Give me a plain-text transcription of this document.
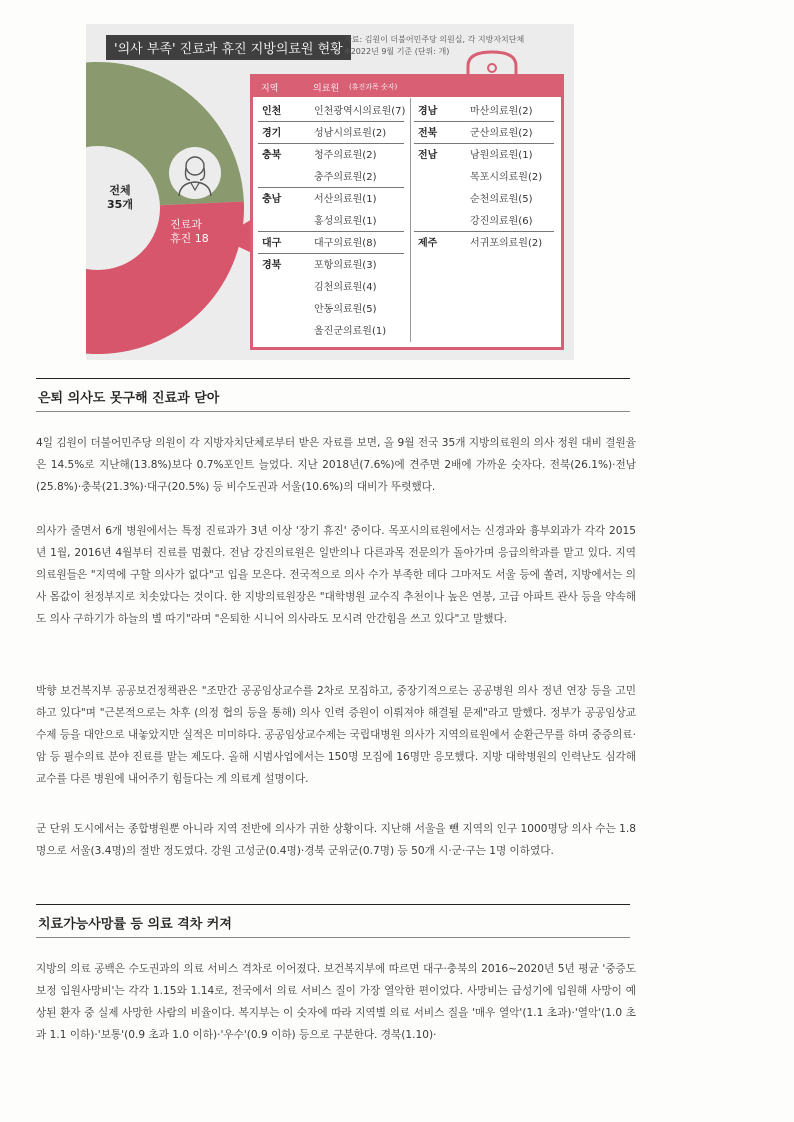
'의사 부족' 진료과 휴진 지방의료원 현황
자료: 김원이 더불어민주당 의원실, 각 지방자치단체
※2022년 9월 기준 (단위: 개)
전체
35개
진료과
휴진 18
지역	의료원 (휴진과목 숫자)
인천	인천광역시의료원(7)
경기	성남시의료원(2)
충북	청주의료원(2)
충주의료원(2)
충남	서산의료원(1)
홍성의료원(1)
대구	대구의료원(8)
경북	포항의료원(3)
김천의료원(4)
안동의료원(5)
울진군의료원(1)
경남	마산의료원(2)
전북	군산의료원(2)
전남	남원의료원(1)
목포시의료원(2)
순천의료원(5)
강진의료원(6)
제주	서귀포의료원(2)
은퇴 의사도 못구해 진료과 닫아
4일 김원이 더불어민주당 의원이 각 지방자치단체로부터 받은 자료를 보면, 올 9월 전국 35개 지방의료원의 의사 정원 대비 결원율은 14.5%로 지난해(13.8%)보다 0.7%포인트 늘었다. 지난 2018년(7.6%)에 견주면 2배에 가까운 숫자다. 전북(26.1%)·전남(25.8%)·충북(21.3%)·대구(20.5%) 등 비수도권과 서울(10.6%)의 대비가 뚜렷했다.
의사가 줄면서 6개 병원에서는 특정 진료과가 3년 이상 '장기 휴진' 중이다. 목포시의료원에서는 신경과와 흉부외과가 각각 2015년 1월, 2016년 4월부터 진료를 멈췄다. 전남 강진의료원은 일반의나 다른과목 전문의가 돌아가며 응급의학과를 맡고 있다. 지역의료원들은 "지역에 구할 의사가 없다"고 입을 모은다. 전국적으로 의사 수가 부족한 데다 그마저도 서울 등에 쏠려, 지방에서는 의사 몸값이 천정부지로 치솟았다는 것이다. 한 지방의료원장은 "대학병원 교수직 추천이나 높은 연봉, 고급 아파트 관사 등을 약속해도 의사 구하기가 하늘의 별 따기"라며 "은퇴한 시니어 의사라도 모시려 안간힘을 쓰고 있다"고 말했다.
박향 보건복지부 공공보건정책관은 "조만간 공공임상교수를 2차로 모집하고, 중장기적으로는 공공병원 의사 정년 연장 등을 고민하고 있다"며 "근본적으로는 차후 (의정 협의 등을 통해) 의사 인력 증원이 이뤄져야 해결될 문제"라고 말했다. 정부가 공공임상교수제 등을 대안으로 내놓았지만 실적은 미미하다. 공공임상교수제는 국립대병원 의사가 지역의료원에서 순환근무를 하며 중증의료·암 등 필수의료 분야 진료를 맡는 제도다. 올해 시범사업에서는 150명 모집에 16명만 응모했다. 지방 대학병원의 인력난도 심각해 교수를 다른 병원에 내어주기 힘들다는 게 의료계 설명이다.
군 단위 도시에서는 종합병원뿐 아니라 지역 전반에 의사가 귀한 상황이다. 지난해 서울을 뺀 지역의 인구 1000명당 의사 수는 1.8명으로 서울(3.4명)의 절반 정도였다. 강원 고성군(0.4명)·경북 군위군(0.7명) 등 50개 시·군·구는 1명 이하였다.
치료가능사망률 등 의료 격차 커져
지방의 의료 공백은 수도권과의 의료 서비스 격차로 이어졌다. 보건복지부에 따르면 대구·충북의 2016~2020년 5년 평균 '중증도 보정 입원사망비'는 각각 1.15와 1.14로, 전국에서 의료 서비스 질이 가장 열악한 편이었다. 사망비는 급성기에 입원해 사망이 예상된 환자 중 실제 사망한 사람의 비율이다. 복지부는 이 숫자에 따라 지역별 의료 서비스 질을 '매우 열악'(1.1 초과)·'열악'(1.0 초과 1.1 이하)·'보통'(0.9 초과 1.0 이하)·'우수'(0.9 이하) 등으로 구분한다. 경북(1.10)·
